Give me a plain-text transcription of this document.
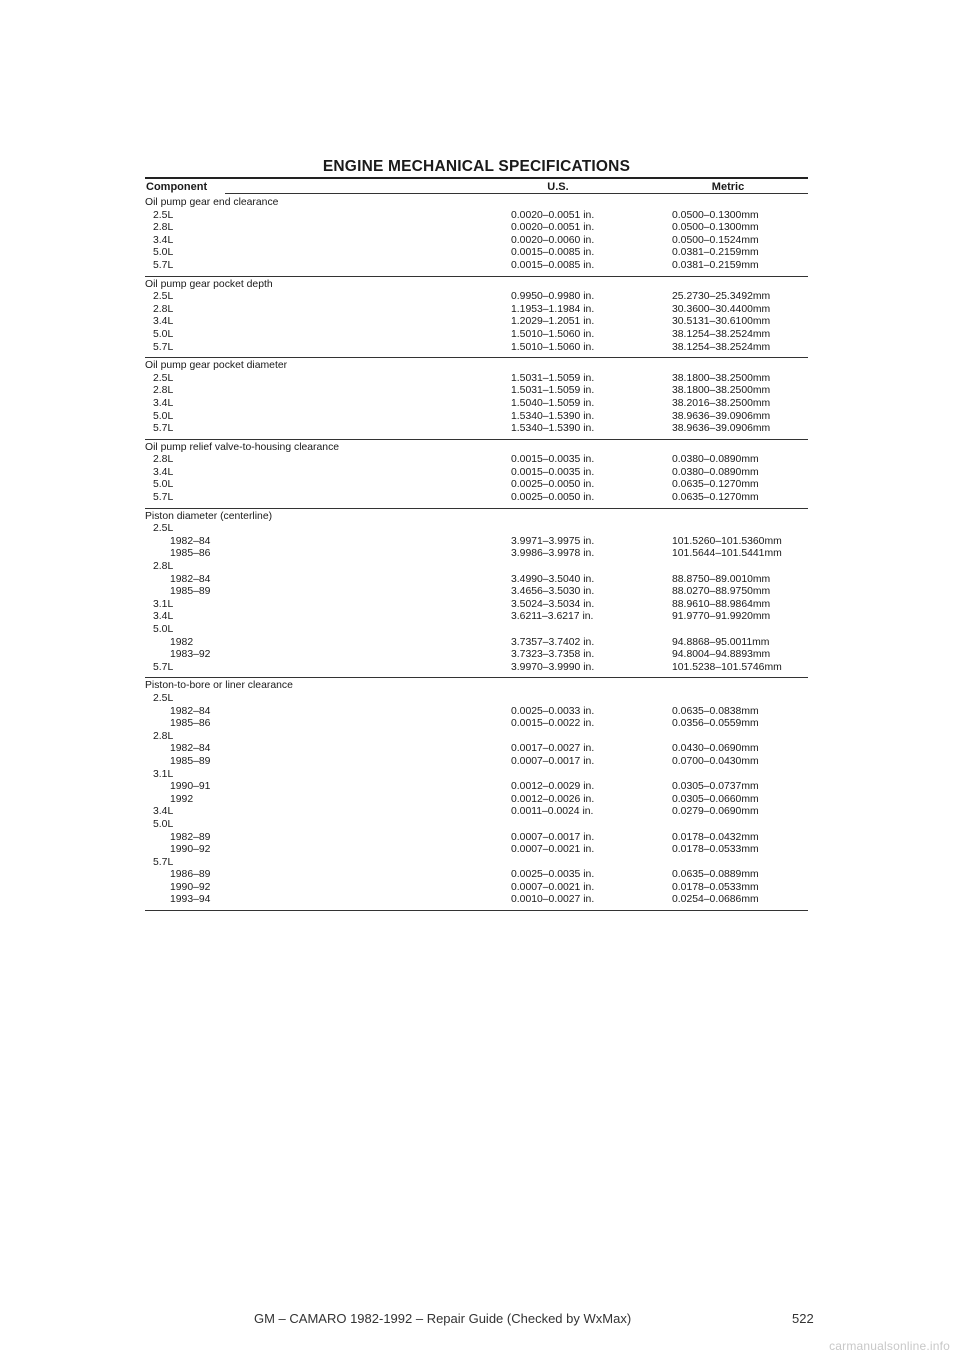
ENGINE MECHANICAL SPECIFICATIONS
Component	U.S.	Metric
Oil pump gear end clearance
2.5L	0.0020–0.0051 in.	0.0500–0.1300mm
2.8L	0.0020–0.0051 in.	0.0500–0.1300mm
3.4L	0.0020–0.0060 in.	0.0500–0.1524mm
5.0L	0.0015–0.0085 in.	0.0381–0.2159mm
5.7L	0.0015–0.0085 in.	0.0381–0.2159mm
Oil pump gear pocket depth
2.5L	0.9950–0.9980 in.	25.2730–25.3492mm
2.8L	1.1953–1.1984 in.	30.3600–30.4400mm
3.4L	1.2029–1.2051 in.	30.5131–30.6100mm
5.0L	1.5010–1.5060 in.	38.1254–38.2524mm
5.7L	1.5010–1.5060 in.	38.1254–38.2524mm
Oil pump gear pocket diameter
2.5L	1.5031–1.5059 in.	38.1800–38.2500mm
2.8L	1.5031–1.5059 in.	38.1800–38.2500mm
3.4L	1.5040–1.5059 in.	38.2016–38.2500mm
5.0L	1.5340–1.5390 in.	38.9636–39.0906mm
5.7L	1.5340–1.5390 in.	38.9636–39.0906mm
Oil pump relief valve-to-housing clearance
2.8L	0.0015–0.0035 in.	0.0380–0.0890mm
3.4L	0.0015–0.0035 in.	0.0380–0.0890mm
5.0L	0.0025–0.0050 in.	0.0635–0.1270mm
5.7L	0.0025–0.0050 in.	0.0635–0.1270mm
Piston diameter (centerline)
2.5L
1982–84	3.9971–3.9975 in.	101.5260–101.5360mm
1985–86	3.9986–3.9978 in.	101.5644–101.5441mm
2.8L
1982–84	3.4990–3.5040 in.	88.8750–89.0010mm
1985–89	3.4656–3.5030 in.	88.0270–88.9750mm
3.1L	3.5024–3.5034 in.	88.9610–88.9864mm
3.4L	3.6211–3.6217 in.	91.9770–91.9920mm
5.0L
1982	3.7357–3.7402 in.	94.8868–95.0011mm
1983–92	3.7323–3.7358 in.	94.8004–94.8893mm
5.7L	3.9970–3.9990 in.	101.5238–101.5746mm
Piston-to-bore or liner clearance
2.5L
1982–84	0.0025–0.0033 in.	0.0635–0.0838mm
1985–86	0.0015–0.0022 in.	0.0356–0.0559mm
2.8L
1982–84	0.0017–0.0027 in.	0.0430–0.0690mm
1985–89	0.0007–0.0017 in.	0.0700–0.0430mm
3.1L
1990–91	0.0012–0.0029 in.	0.0305–0.0737mm
1992	0.0012–0.0026 in.	0.0305–0.0660mm
3.4L	0.0011–0.0024 in.	0.0279–0.0690mm
5.0L
1982–89	0.0007–0.0017 in.	0.0178–0.0432mm
1990–92	0.0007–0.0021 in.	0.0178–0.0533mm
5.7L
1986–89	0.0025–0.0035 in.	0.0635–0.0889mm
1990–92	0.0007–0.0021 in.	0.0178–0.0533mm
1993–94	0.0010–0.0027 in.	0.0254–0.0686mm
GM – CAMARO 1982-1992 – Repair Guide (Checked by WxMax)	522
carmanualsonline.info
